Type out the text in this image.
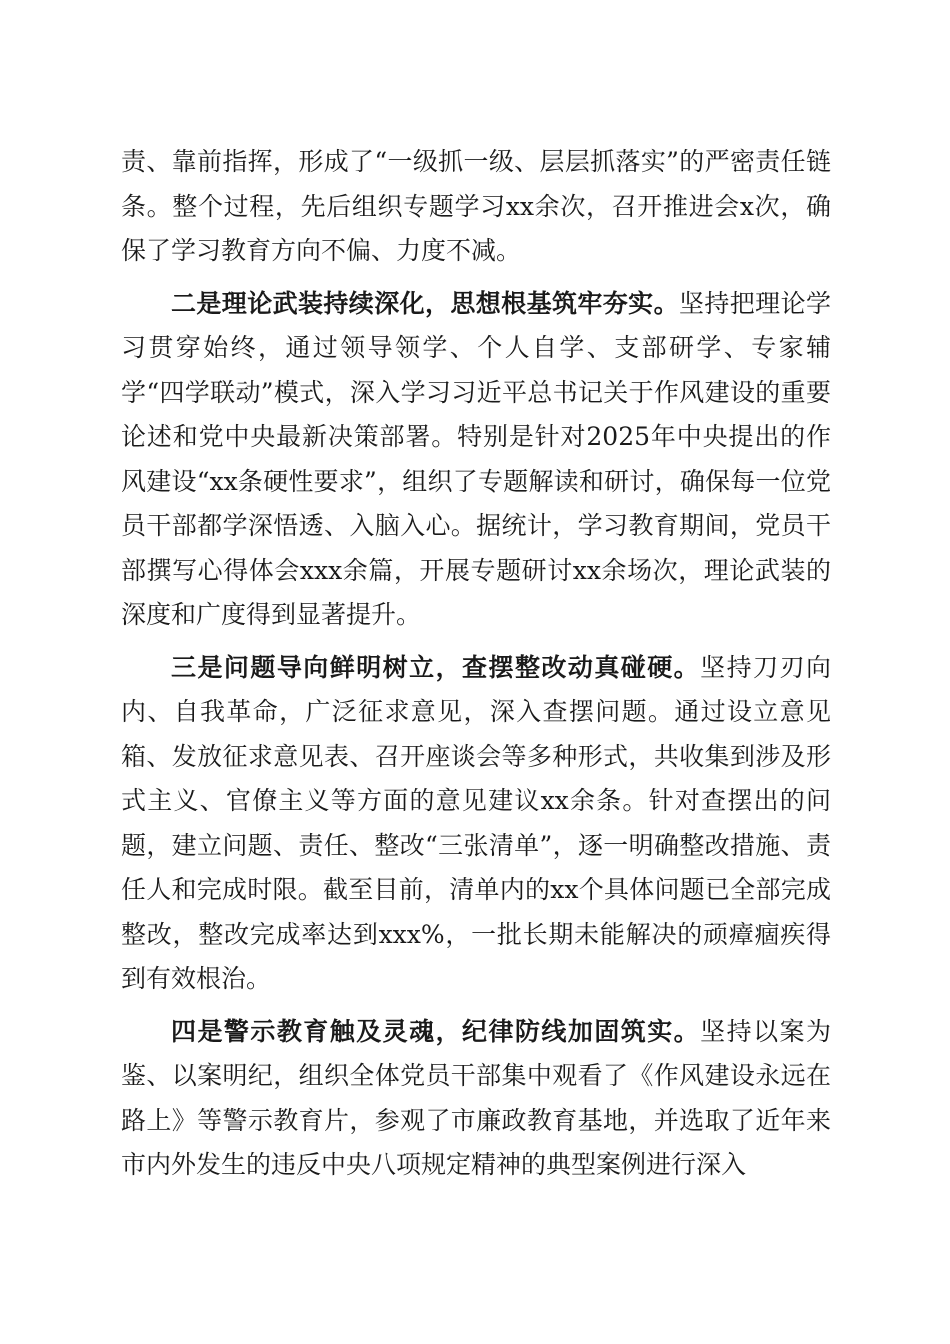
责、靠前指挥，形成了“一级抓一级、层层抓落实”的严密责任链条。整个过程，先后组织专题学习xx余次，召开推进会x次，确保了学习教育方向不偏、力度不减。

二是理论武装持续深化，思想根基筑牢夯实。坚持把理论学习贯穿始终，通过领导领学、个人自学、支部研学、专家辅学“四学联动”模式，深入学习习近平总书记关于作风建设的重要论述和党中央最新决策部署。特别是针对2025年中央提出的作风建设“xx条硬性要求”，组织了专题解读和研讨，确保每一位党员干部都学深悟透、入脑入心。据统计，学习教育期间，党员干部撰写心得体会xxx余篇，开展专题研讨xx余场次，理论武装的深度和广度得到显著提升。

三是问题导向鲜明树立，查摆整改动真碰硬。坚持刀刃向内、自我革命，广泛征求意见，深入查摆问题。通过设立意见箱、发放征求意见表、召开座谈会等多种形式，共收集到涉及形式主义、官僚主义等方面的意见建议xx余条。针对查摆出的问题，建立问题、责任、整改“三张清单”，逐一明确整改措施、责任人和完成时限。截至目前，清单内的xx个具体问题已全部完成整改，整改完成率达到xxx%，一批长期未能解决的顽瘴痼疾得到有效根治。

四是警示教育触及灵魂，纪律防线加固筑实。坚持以案为鉴、以案明纪，组织全体党员干部集中观看了《作风建设永远在路上》等警示教育片，参观了市廉政教育基地，并选取了近年来市内外发生的违反中央八项规定精神的典型案例进行深入
